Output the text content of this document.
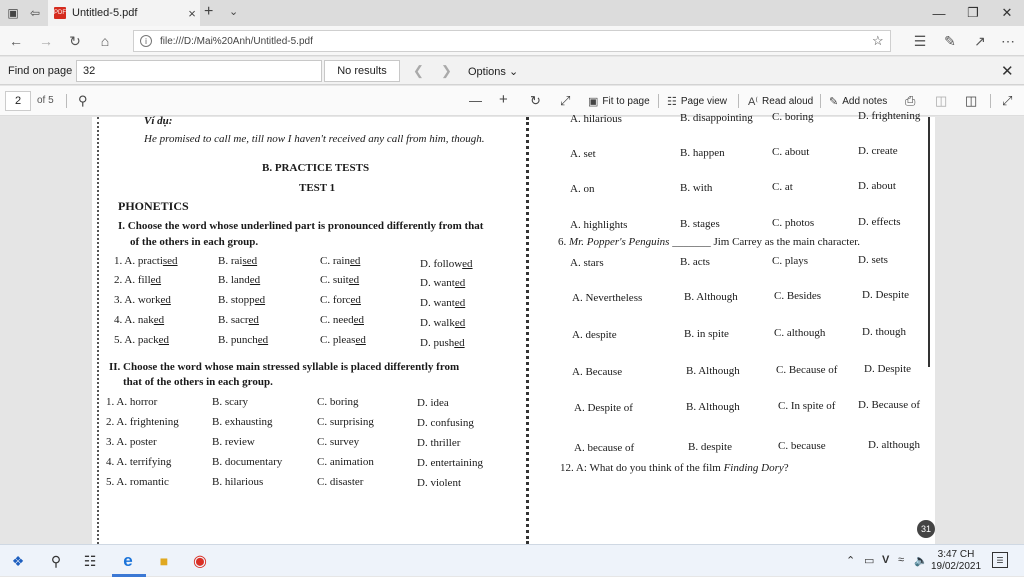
▣ ⇦	PDF Untitled-5.pdf	× + ⌄	—	❐	✕
← → ↻	⌂	i	file:///D:/Mai%20Anh/Untitled-5.pdf	☆	☰ ✎ ↗ ⋯
Find on page 32	No results	❮ ❯ Options ⌄	✕
2	of 5 ⚲	— + ↻ ⤢ ▣ Fit to page ☷ Page view A⁽ Read aloud ✎ Add notes ⎙ ◫ ◫ ⤢
Ví dụ:
He promised to call me, till now I haven't received any call from him, though.
B. PRACTICE TESTS
TEST 1
PHONETICS
I. Choose the word whose underlined part is pronounced differently from that
of the others in each group.
1. A. practised	B. raised	C. rained	D. followed
2. A. filled	B. landed	C. suited	D. wanted
3. A. worked	B. stopped	C. forced	D. wanted
4. A. naked	B. sacred	C. needed	D. walked
5. A. packed	B. punched	C. pleased	D. pushed
II. Choose the word whose main stressed syllable is placed differently from
that of the others in each group.
1. A. horror	B. scary	C. boring	D. idea
2. A. frightening	B. exhausting	C. surprising	D. confusing
3. A. poster	B. review	C. survey	D. thriller
4. A. terrifying	B. documentary	C. animation	D. entertaining
5. A. romantic	B. hilarious	C. disaster	D. violent
A. hilarious	B. disappointing C. boring	D. frightening
A. set	B. happen	C. about	D. create
A. on	B. with	C. at	D. about
A. highlights	B. stages	C. photos	D. effects
6. Mr. Popper's Penguins _______ Jim Carrey as the main character.
A. stars	B. acts	C. plays	D. sets
A. Nevertheless	B. Although	C. Besides	D. Despite
A. despite	B. in spite	C. although	D. though
A. Because	B. Although	C. Because of D. Despite
A. Despite of	B. Although	C. In spite of D. Because of
A. because of	B. despite	C. because	D. although
12. A: What do you think of the film Finding Dory?
31
❖	⚲	☷	e	■	◉	⌃ ▭ V ≈ 🔈
3:47 CH
19/02/2021
☰
